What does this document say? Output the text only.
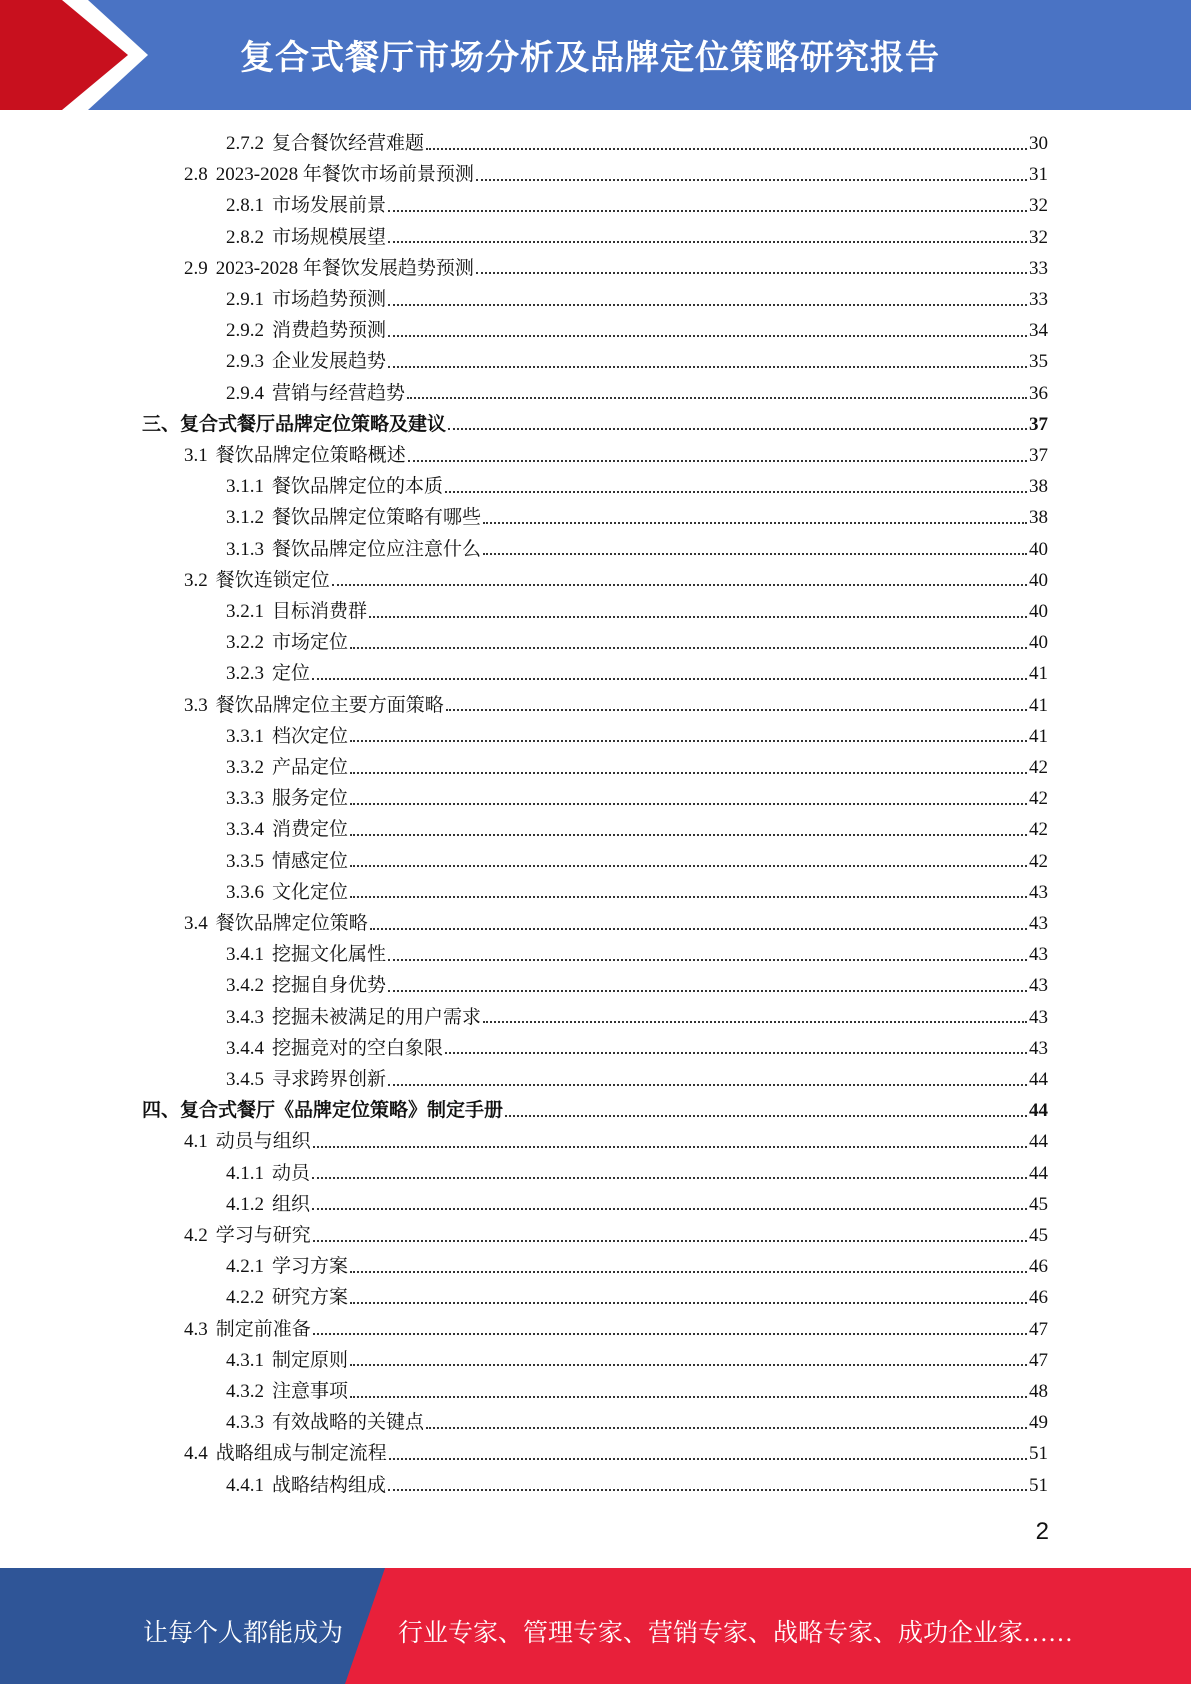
复合式餐厅市场分析及品牌定位策略研究报告
2.7.2 复合餐饮经营难题	30
2.8 2023-2028 年餐饮市场前景预测	31
2.8.1 市场发展前景	32
2.8.2 市场规模展望	32
2.9 2023-2028 年餐饮发展趋势预测	33
2.9.1 市场趋势预测	33
2.9.2 消费趋势预测	34
2.9.3 企业发展趋势	35
2.9.4 营销与经营趋势	36
三、 复合式餐厅品牌定位策略及建议	37
3.1 餐饮品牌定位策略概述	37
3.1.1 餐饮品牌定位的本质	38
3.1.2 餐饮品牌定位策略有哪些	38
3.1.3 餐饮品牌定位应注意什么	40
3.2 餐饮连锁定位	40
3.2.1 目标消费群	40
3.2.2 市场定位	40
3.2.3 定位	41
3.3 餐饮品牌定位主要方面策略	41
3.3.1 档次定位	41
3.3.2 产品定位	42
3.3.3 服务定位	42
3.3.4 消费定位	42
3.3.5 情感定位	42
3.3.6 文化定位	43
3.4 餐饮品牌定位策略	43
3.4.1 挖掘文化属性	43
3.4.2 挖掘自身优势	43
3.4.3 挖掘未被满足的用户需求	43
3.4.4 挖掘竞对的空白象限	43
3.4.5 寻求跨界创新	44
四、 复合式餐厅《品牌定位策略》制定手册	44
4.1 动员与组织	44
4.1.1 动员	44
4.1.2 组织	45
4.2 学习与研究	45
4.2.1 学习方案	46
4.2.2 研究方案	46
4.3 制定前准备	47
4.3.1 制定原则	47
4.3.2 注意事项	48
4.3.3 有效战略的关键点	49
4.4 战略组成与制定流程	51
4.4.1 战略结构组成	51
2
让每个人都能成为 行业专家、管理专家、营销专家、战略专家、成功企业家……
